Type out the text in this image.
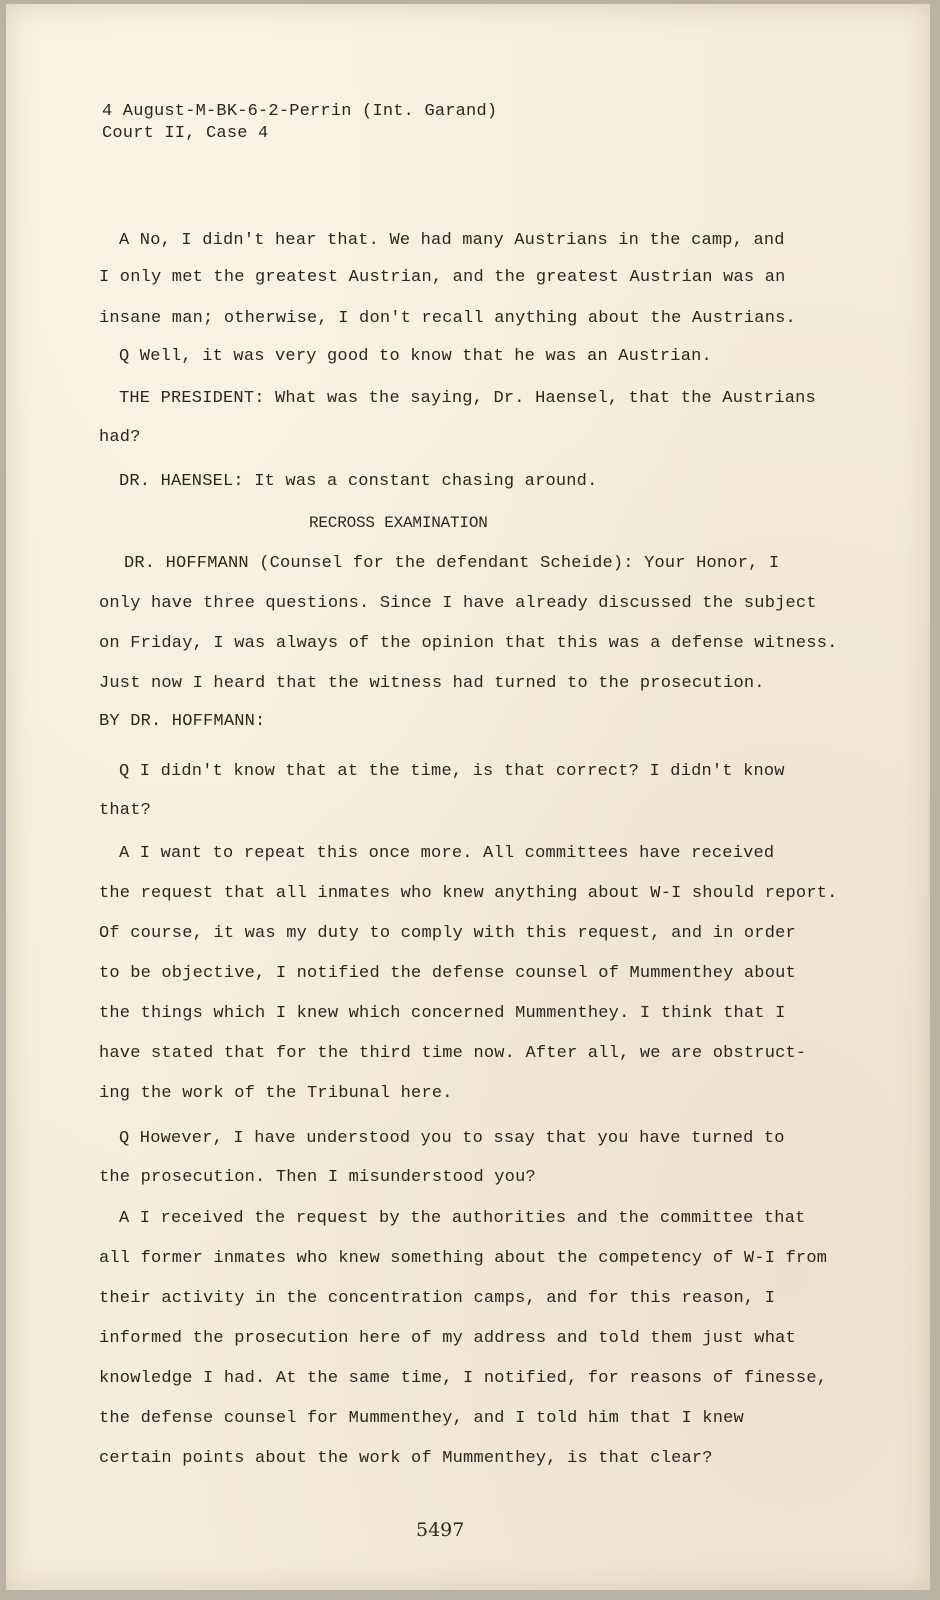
4 August-M-BK-6-2-Perrin (Int. Garand)
Court II, Case 4
A No, I didn't hear that. We had many Austrians in the camp, and
I only met the greatest Austrian, and the greatest Austrian was an
insane man; otherwise, I don't recall anything about the Austrians.
Q Well, it was very good to know that he was an Austrian.
THE PRESIDENT: What was the saying, Dr. Haensel, that the Austrians
had?
DR. HAENSEL: It was a constant chasing around.
RECROSS EXAMINATION
DR. HOFFMANN (Counsel for the defendant Scheide): Your Honor, I
only have three questions. Since I have already discussed the subject
on Friday, I was always of the opinion that this was a defense witness.
Just now I heard that the witness had turned to the prosecution.
BY DR. HOFFMANN:
Q I didn't know that at the time, is that correct? I didn't know
that?
A I want to repeat this once more. All committees have received
the request that all inmates who knew anything about W-I should report.
Of course, it was my duty to comply with this request, and in order
to be objective, I notified the defense counsel of Mummenthey about
the things which I knew which concerned Mummenthey. I think that I
have stated that for the third time now. After all, we are obstruct-
ing the work of the Tribunal here.
Q However, I have understood you to ssay that you have turned to
the prosecution. Then I misunderstood you?
A I received the request by the authorities and the committee that
all former inmates who knew something about the competency of W-I from
their activity in the concentration camps, and for this reason, I
informed the prosecution here of my address and told them just what
knowledge I had. At the same time, I notified, for reasons of finesse,
the defense counsel for Mummenthey, and I told him that I knew
certain points about the work of Mummenthey, is that clear?
5497
